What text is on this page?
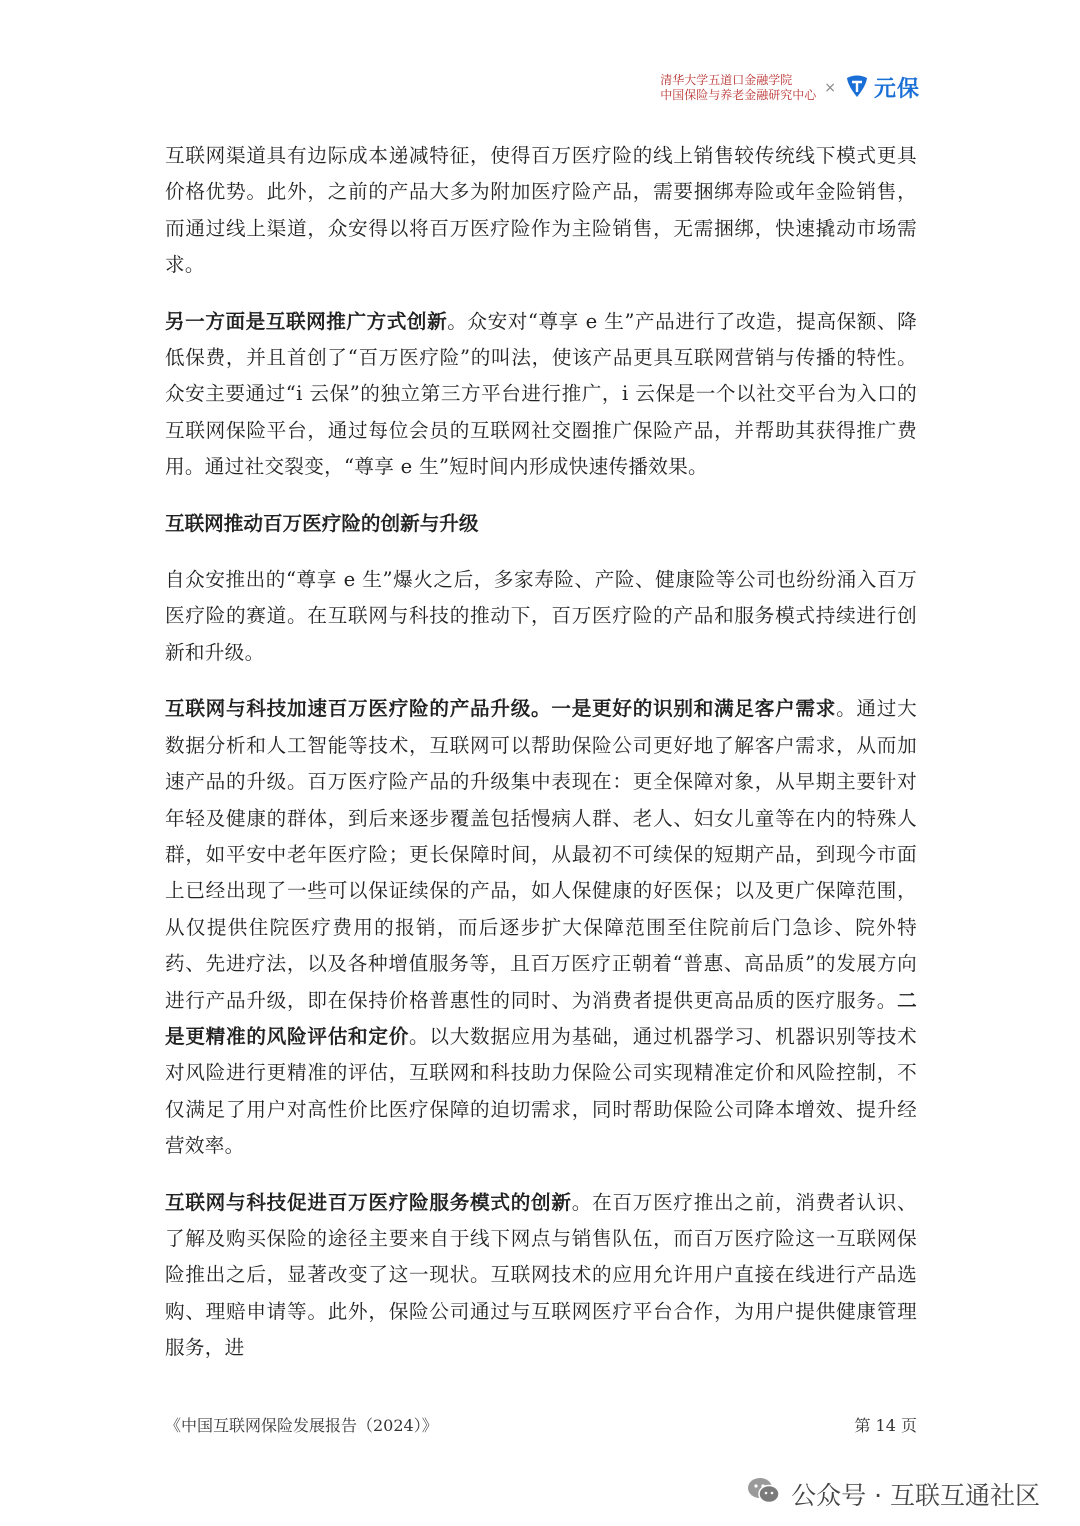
清华大学五道口金融学院
中国保险与养老金融研究中心 × 元保

互联网渠道具有边际成本递减特征，使得百万医疗险的线上销售较传统线下模式更具价格优势。此外，之前的产品大多为附加医疗险产品，需要捆绑寿险或年金险销售，而通过线上渠道，众安得以将百万医疗险作为主险销售，无需捆绑，快速撬动市场需求。

另一方面是互联网推广方式创新。众安对“尊享 e 生”产品进行了改造，提高保额、降低保费，并且首创了“百万医疗险”的叫法，使该产品更具互联网营销与传播的特性。众安主要通过“i 云保”的独立第三方平台进行推广，i 云保是一个以社交平台为入口的互联网保险平台，通过每位会员的互联网社交圈推广保险产品，并帮助其获得推广费用。通过社交裂变，“尊享 e 生”短时间内形成快速传播效果。

互联网推动百万医疗险的创新与升级

自众安推出的“尊享 e 生”爆火之后，多家寿险、产险、健康险等公司也纷纷涌入百万医疗险的赛道。在互联网与科技的推动下，百万医疗险的产品和服务模式持续进行创新和升级。

互联网与科技加速百万医疗险的产品升级。一是更好的识别和满足客户需求。通过大数据分析和人工智能等技术，互联网可以帮助保险公司更好地了解客户需求，从而加速产品的升级。百万医疗险产品的升级集中表现在：更全保障对象，从早期主要针对年轻及健康的群体，到后来逐步覆盖包括慢病人群、老人、妇女儿童等在内的特殊人群，如平安中老年医疗险；更长保障时间，从最初不可续保的短期产品，到现今市面上已经出现了一些可以保证续保的产品，如人保健康的好医保；以及更广保障范围，从仅提供住院医疗费用的报销，而后逐步扩大保障范围至住院前后门急诊、院外特药、先进疗法，以及各种增值服务等，且百万医疗正朝着“普惠、高品质”的发展方向进行产品升级，即在保持价格普惠性的同时、为消费者提供更高品质的医疗服务。二是更精准的风险评估和定价。以大数据应用为基础，通过机器学习、机器识别等技术对风险进行更精准的评估，互联网和科技助力保险公司实现精准定价和风险控制，不仅满足了用户对高性价比医疗保障的迫切需求，同时帮助保险公司降本增效、提升经营效率。

互联网与科技促进百万医疗险服务模式的创新。在百万医疗推出之前，消费者认识、了解及购买保险的途径主要来自于线下网点与销售队伍，而百万医疗险这一互联网保险推出之后，显著改变了这一现状。互联网技术的应用允许用户直接在线进行产品选购、理赔申请等。此外，保险公司通过与互联网医疗平台合作，为用户提供健康管理服务，进

《中国互联网保险发展报告（2024）》	第 14 页
公众号 · 互联互通社区
